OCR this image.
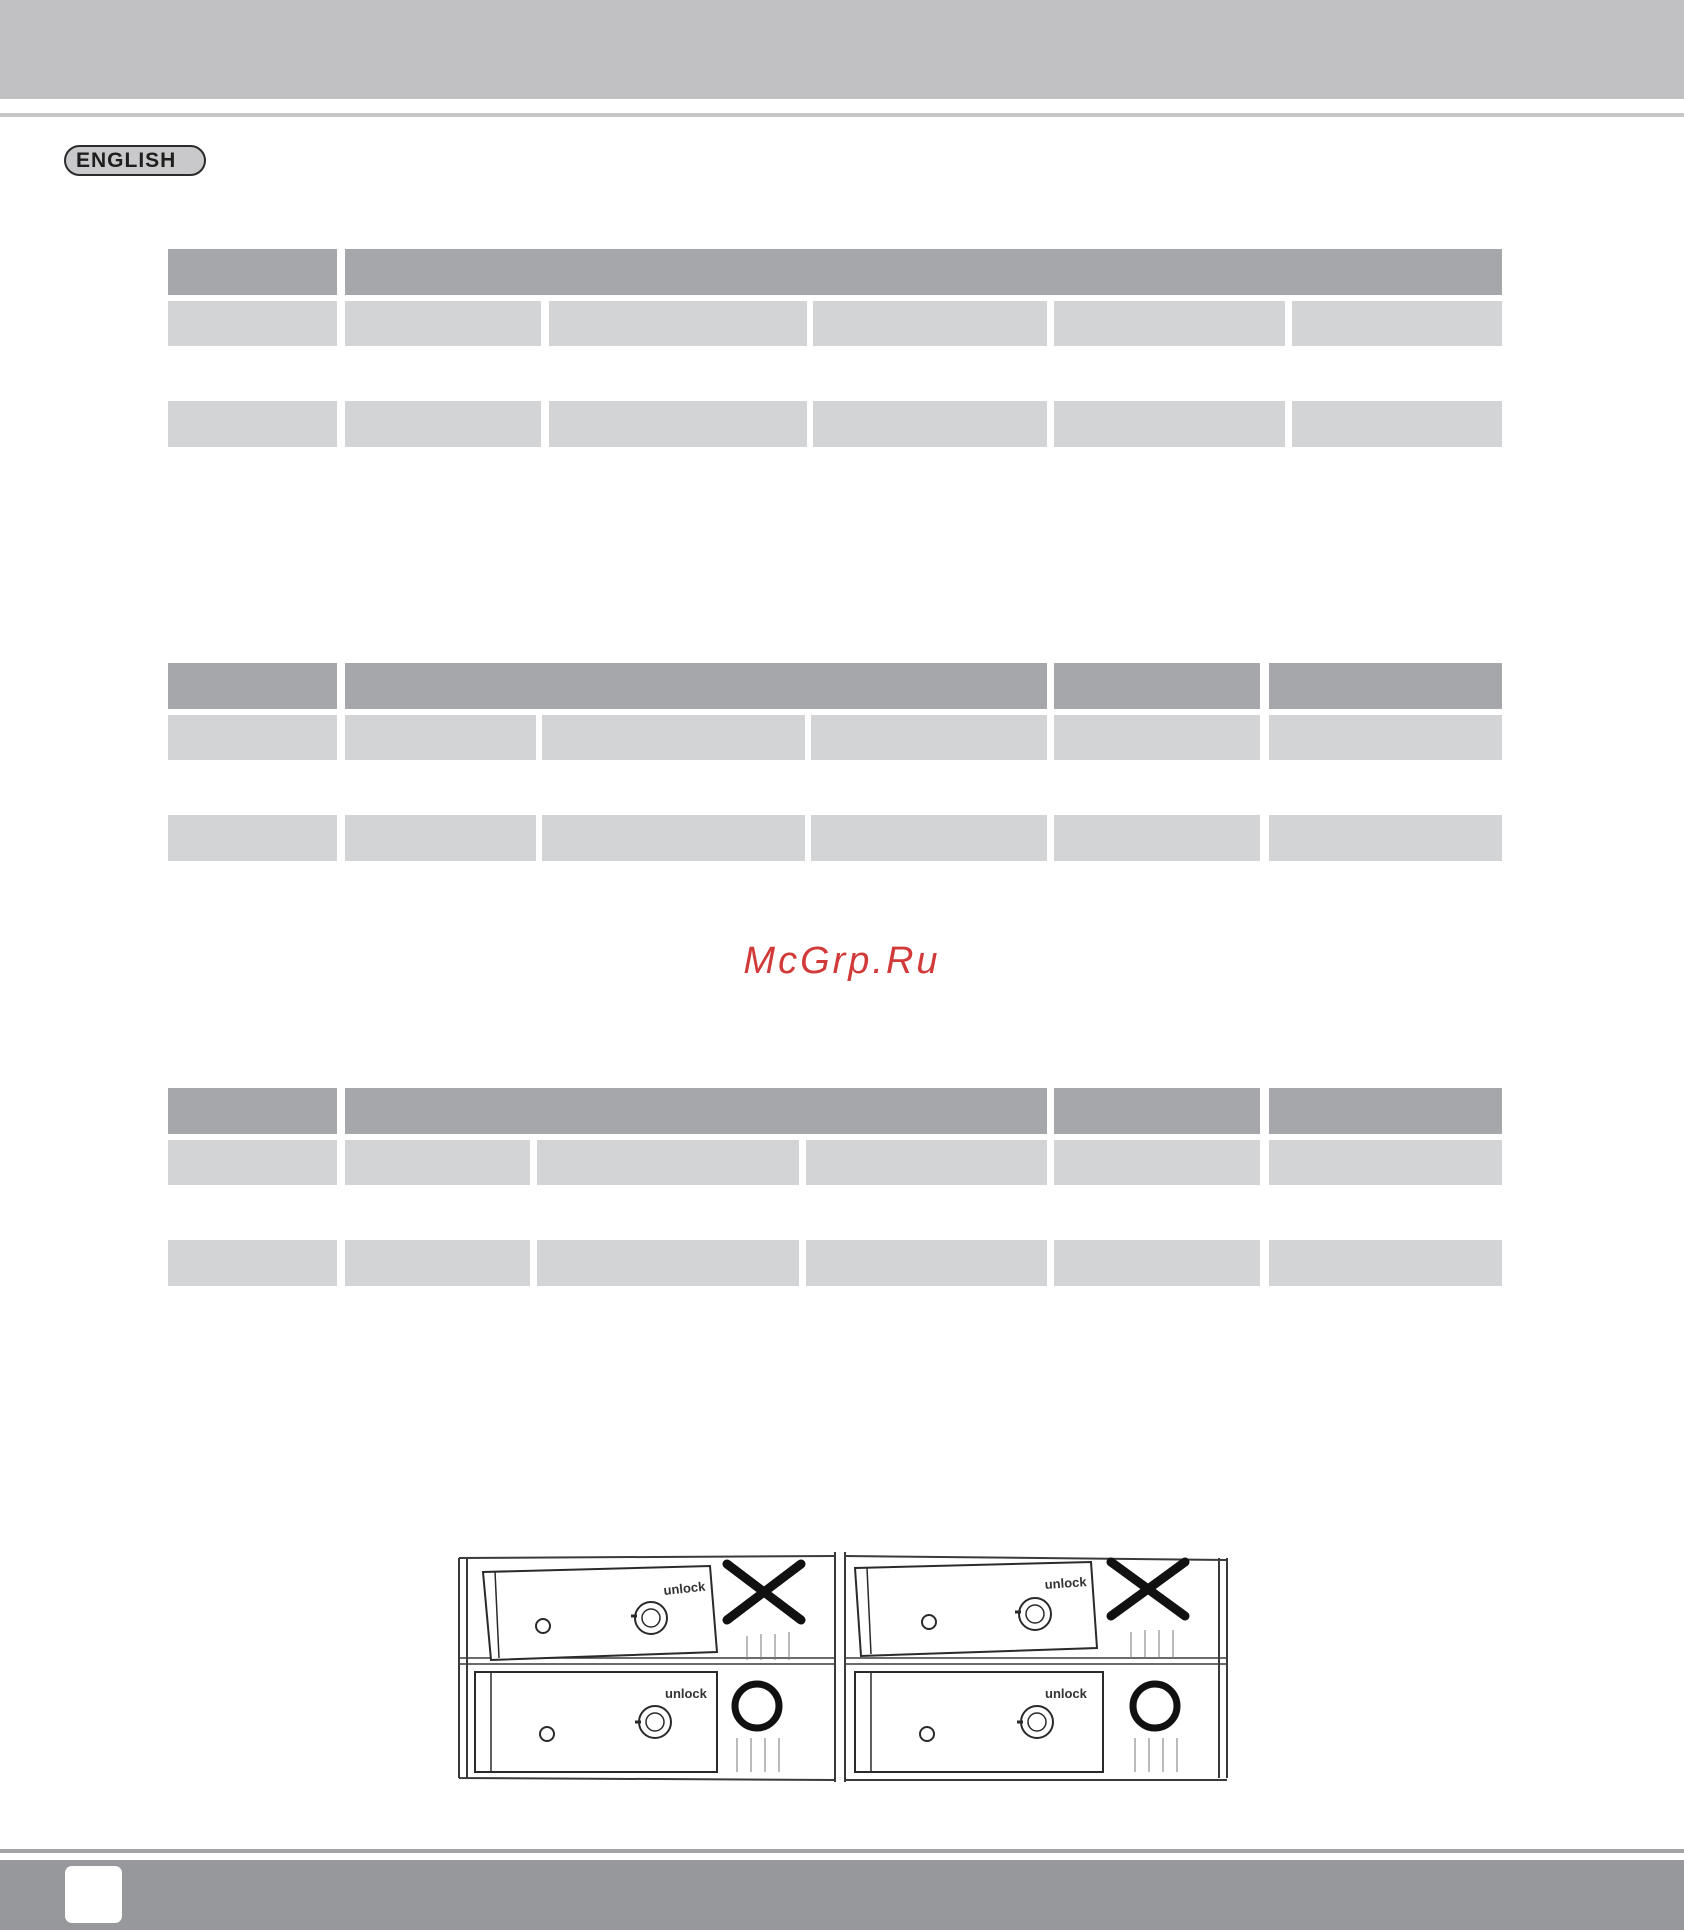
ENGLISH
McGrp.Ru
unlock	unlock
unlock	unlock
